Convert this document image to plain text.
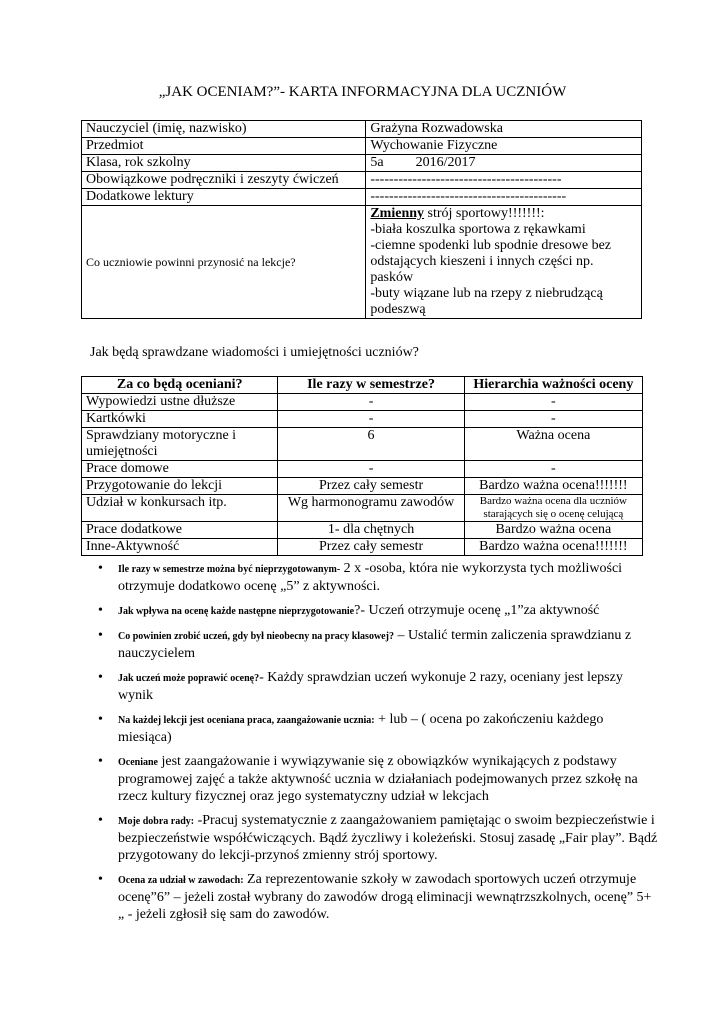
„JAK OCENIAM?”- KARTA INFORMACYJNA DLA UCZNIÓW
Nauczyciel (imię, nazwisko)	Grażyna Rozwadowska
Przedmiot	Wychowanie Fizyczne
Klasa, rok szkolny	5a 2016/2017
Obowiązkowe podręczniki i zeszyty ćwiczeń	-----------------------------------------
Dodatkowe lektury	------------------------------------------
Co uczniowie powinni przynosić na lekcje?	Zmienny strój sportowy!!!!!!!:
-biała koszulka sportowa z rękawkami
-ciemne spodenki lub spodnie dresowe bez odstających kieszeni i innych części np. pasków
-buty wiązane lub na rzepy z niebrudzącą podeszwą
Jak będą sprawdzane wiadomości i umiejętności uczniów?
Za co będą oceniani?	Ile razy w semestrze?	Hierarchia ważności oceny
Wypowiedzi ustne dłuższe	-	-
Kartkówki	-	-
Sprawdziany motoryczne i umiejętności	6	Ważna ocena
Prace domowe	-	-
Przygotowanie do lekcji	Przez cały semestr	Bardzo ważna ocena!!!!!!!
Udział w konkursach itp.	Wg harmonogramu zawodów	Bardzo ważna ocena dla uczniów starających się o ocenę celującą
Prace dodatkowe	1- dla chętnych	Bardzo ważna ocena
Inne-Aktywność	Przez cały semestr	Bardzo ważna ocena!!!!!!!
• Ile razy w semestrze można być nieprzygotowanym- 2 x -osoba, która nie wykorzysta tych możliwości otrzymuje dodatkowo ocenę „5” z aktywności.
• Jak wpływa na ocenę każde następne nieprzygotowanie?- Uczeń otrzymuje ocenę „1”za aktywność
• Co powinien zrobić uczeń, gdy był nieobecny na pracy klasowej? – Ustalić termin zaliczenia sprawdzianu z nauczycielem
• Jak uczeń może poprawić ocenę?- Każdy sprawdzian uczeń wykonuje 2 razy, oceniany jest lepszy wynik
• Na każdej lekcji jest oceniana praca, zaangażowanie ucznia: + lub – ( ocena po zakończeniu każdego miesiąca)
• Oceniane jest zaangażowanie i wywiązywanie się z obowiązków wynikających z podstawy programowej zajęć a także aktywność ucznia w działaniach podejmowanych przez szkołę na rzecz kultury fizycznej oraz jego systematyczny udział w lekcjach
• Moje dobra rady: -Pracuj systematycznie z zaangażowaniem pamiętając o swoim bezpieczeństwie i bezpieczeństwie współćwiczących. Bądź życzliwy i koleżeński. Stosuj zasadę „Fair play”. Bądź przygotowany do lekcji-przynoś zmienny strój sportowy.
• Ocena za udział w zawodach: Za reprezentowanie szkoły w zawodach sportowych uczeń otrzymuje ocenę”6” – jeżeli został wybrany do zawodów drogą eliminacji wewnątrzszkolnych, ocenę” 5+ „ - jeżeli zgłosił się sam do zawodów.
